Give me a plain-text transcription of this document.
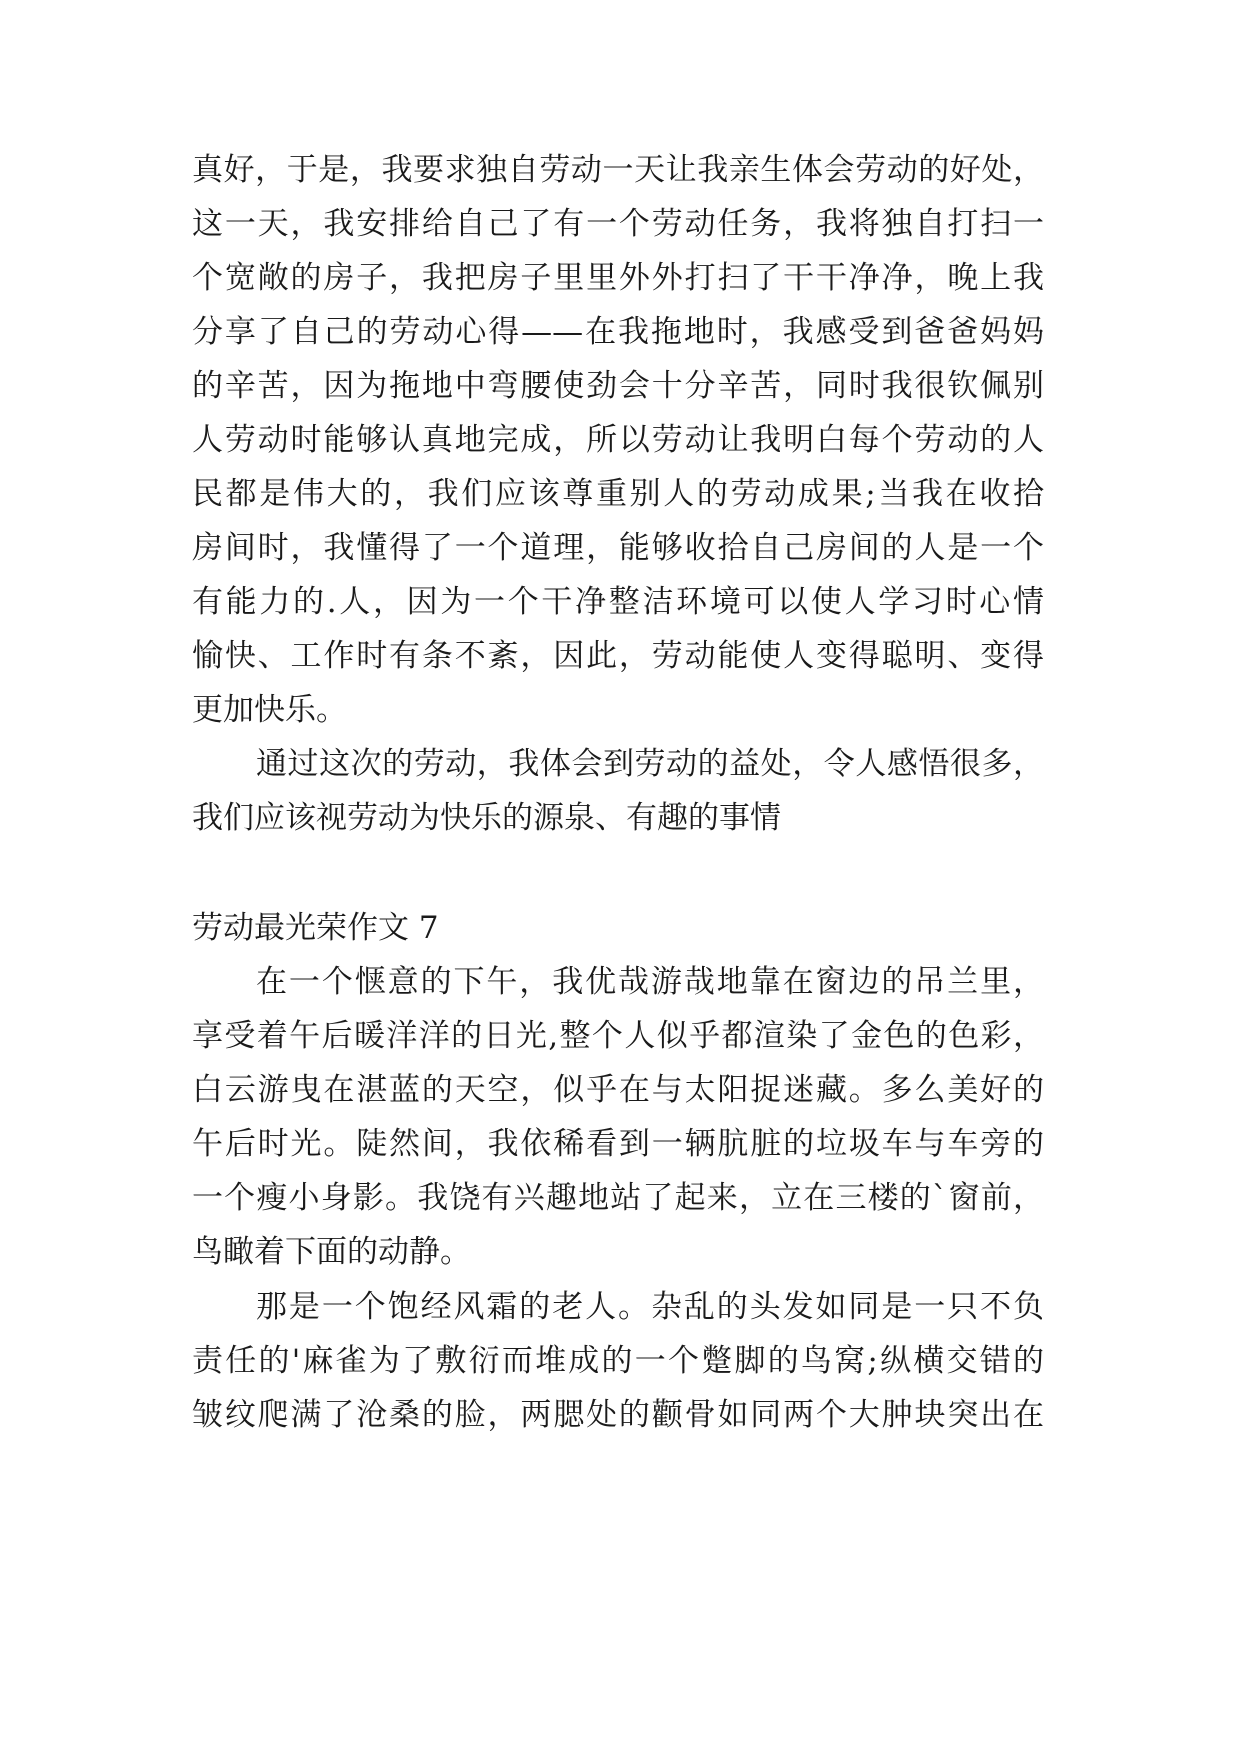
真好，于是，我要求独自劳动一天让我亲生体会劳动的好处，

这一天，我安排给自己了有一个劳动任务，我将独自打扫一

个宽敞的房子，我把房子里里外外打扫了干干净净，晚上我

分享了自己的劳动心得——在我拖地时，我感受到爸爸妈妈

的辛苦，因为拖地中弯腰使劲会十分辛苦，同时我很钦佩别

人劳动时能够认真地完成，所以劳动让我明白每个劳动的人

民都是伟大的，我们应该尊重别人的劳动成果;当我在收拾

房间时，我懂得了一个道理，能够收拾自己房间的人是一个

有能力的.人，因为一个干净整洁环境可以使人学习时心情

愉快、工作时有条不紊，因此，劳动能使人变得聪明、变得

更加快乐。

通过这次的劳动，我体会到劳动的益处，令人感悟很多，

我们应该视劳动为快乐的源泉、有趣的事情

劳动最光荣作文 7

在一个惬意的下午，我优哉游哉地靠在窗边的吊兰里，

享受着午后暖洋洋的日光,整个人似乎都渲染了金色的色彩，

白云游曳在湛蓝的天空，似乎在与太阳捉迷藏。多么美好的

午后时光。陡然间，我依稀看到一辆肮脏的垃圾车与车旁的

一个瘦小身影。我饶有兴趣地站了起来，立在三楼的`窗前，

鸟瞰着下面的动静。

那是一个饱经风霜的老人。杂乱的头发如同是一只不负

责任的'麻雀为了敷衍而堆成的一个蹩脚的鸟窝;纵横交错的

皱纹爬满了沧桑的脸，两腮处的颧骨如同两个大肿块突出在
